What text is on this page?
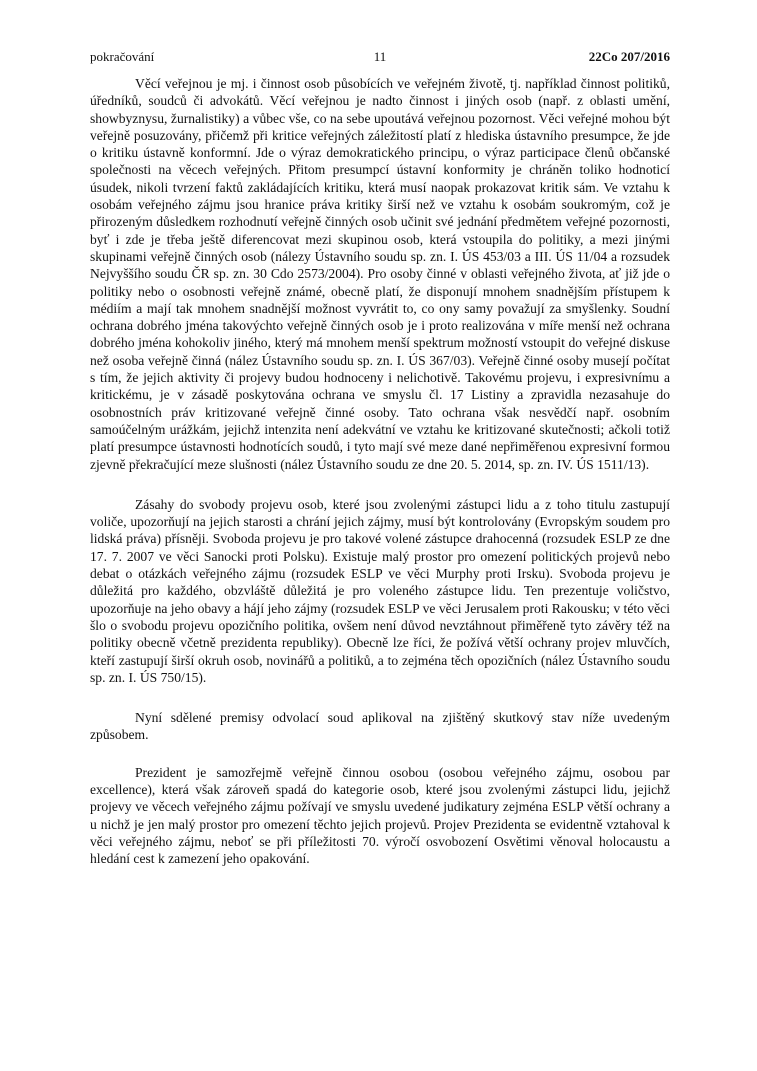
pokračování	11	22Co 207/2016

Věcí veřejnou je mj. i činnost osob působících ve veřejném životě, tj. například činnost politiků, úředníků, soudců či advokátů. Věcí veřejnou je nadto činnost i jiných osob (např. z oblasti umění, showbyznysu, žurnalistiky) a vůbec vše, co na sebe upoutává veřejnou pozornost. Věci veřejné mohou být veřejně posuzovány, přičemž při kritice veřejných záležitostí platí z hlediska ústavního presumpce, že jde o kritiku ústavně konformní. Jde o výraz demokratického principu, o výraz participace členů občanské společnosti na věcech veřejných. Přitom presumpcí ústavní konformity je chráněn toliko hodnoticí úsudek, nikoli tvrzení faktů zakládajících kritiku, která musí naopak prokazovat kritik sám. Ve vztahu k osobám veřejného zájmu jsou hranice práva kritiky širší než ve vztahu k osobám soukromým, což je přirozeným důsledkem rozhodnutí veřejně činných osob učinit své jednání předmětem veřejné pozornosti, byť i zde je třeba ještě diferencovat mezi skupinou osob, která vstoupila do politiky, a mezi jinými skupinami veřejně činných osob (nálezy Ústavního soudu sp. zn. I. ÚS 453/03 a III. ÚS 11/04 a rozsudek Nejvyššího soudu ČR sp. zn. 30 Cdo 2573/2004). Pro osoby činné v oblasti veřejného života, ať již jde o politiky nebo o osobnosti veřejně známé, obecně platí, že disponují mnohem snadnějším přístupem k médiím a mají tak mnohem snadnější možnost vyvrátit to, co ony samy považují za smyšlenky. Soudní ochrana dobrého jména takovýchto veřejně činných osob je i proto realizována v míře menší než ochrana dobrého jména kohokoliv jiného, který má mnohem menší spektrum možností vstoupit do veřejné diskuse než osoba veřejně činná (nález Ústavního soudu sp. zn. I. ÚS 367/03). Veřejně činné osoby musejí počítat s tím, že jejich aktivity či projevy budou hodnoceny i nelichotivě. Takovému projevu, i expresivnímu a kritickému, je v zásadě poskytována ochrana ve smyslu čl. 17 Listiny a zpravidla nezasahuje do osobnostních práv kritizované veřejně činné osoby. Tato ochrana však nesvědčí např. osobním samoúčelným urážkám, jejichž intenzita není adekvátní ve vztahu ke kritizované skutečnosti; ačkoli totiž platí presumpce ústavnosti hodnotících soudů, i tyto mají své meze dané nepřiměřenou expresivní formou zjevně překračující meze slušnosti (nález Ústavního soudu ze dne 20. 5. 2014, sp. zn. IV. ÚS 1511/13).

Zásahy do svobody projevu osob, které jsou zvolenými zástupci lidu a z toho titulu zastupují voliče, upozorňují na jejich starosti a chrání jejich zájmy, musí být kontrolovány (Evropským soudem pro lidská práva) přísněji. Svoboda projevu je pro takové volené zástupce drahocenná (rozsudek ESLP ze dne 17. 7. 2007 ve věci Sanocki proti Polsku). Existuje malý prostor pro omezení politických projevů nebo debat o otázkách veřejného zájmu (rozsudek ESLP ve věci Murphy proti Irsku). Svoboda projevu je důležitá pro každého, obzvláště důležitá je pro voleného zástupce lidu. Ten prezentuje voličstvo, upozorňuje na jeho obavy a hájí jeho zájmy (rozsudek ESLP ve věci Jerusalem proti Rakousku; v této věci šlo o svobodu projevu opozičního politika, ovšem není důvod nevztáhnout přiměřeně tyto závěry též na politiky obecně včetně prezidenta republiky). Obecně lze říci, že požívá větší ochrany projev mluvčích, kteří zastupují širší okruh osob, novinářů a politiků, a to zejména těch opozičních (nález Ústavního soudu sp. zn. I. ÚS 750/15).

Nyní sdělené premisy odvolací soud aplikoval na zjištěný skutkový stav níže uvedeným způsobem.

Prezident je samozřejmě veřejně činnou osobou (osobou veřejného zájmu, osobou par excellence), která však zároveň spadá do kategorie osob, které jsou zvolenými zástupci lidu, jejichž projevy ve věcech veřejného zájmu požívají ve smyslu uvedené judikatury zejména ESLP větší ochrany a u nichž je jen malý prostor pro omezení těchto jejich projevů. Projev Prezidenta se evidentně vztahoval k věci veřejného zájmu, neboť se při příležitosti 70. výročí osvobození Osvětimi věnoval holocaustu a hledání cest k zamezení jeho opakování.
